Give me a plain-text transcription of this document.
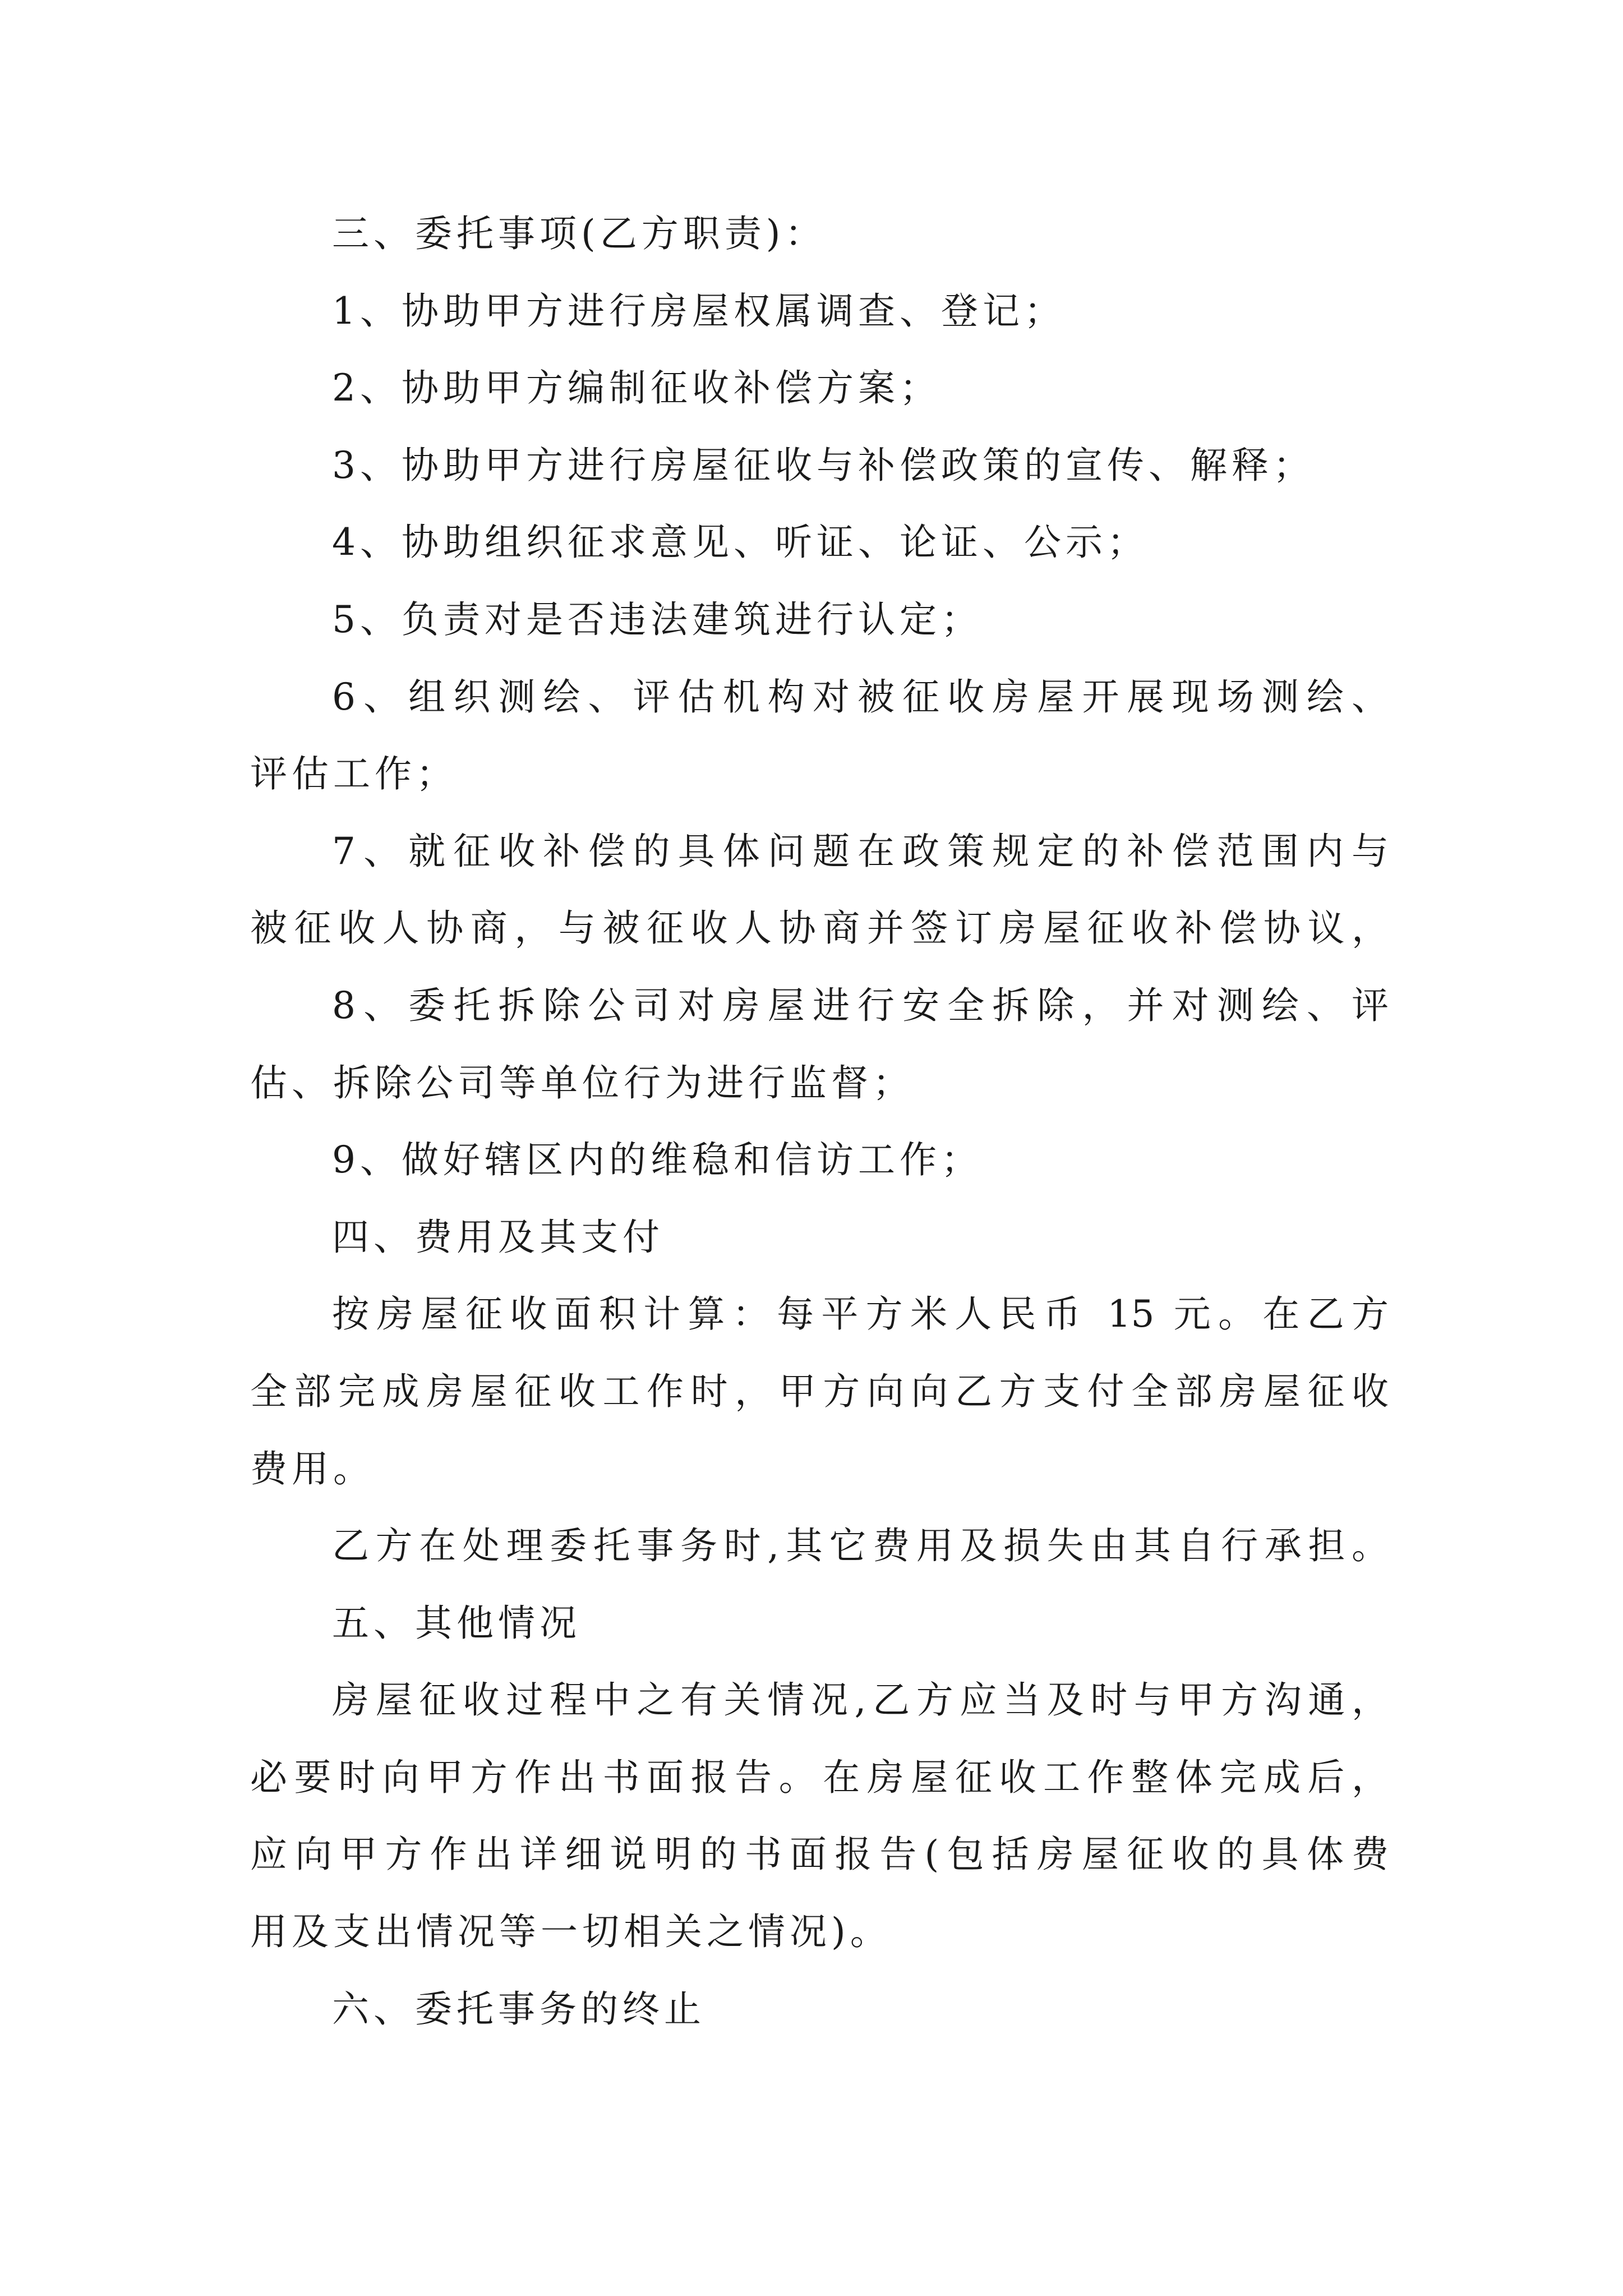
三、委托事项(乙方职责)：
1、协助甲方进行房屋权属调查、登记；
2、协助甲方编制征收补偿方案；
3、协助甲方进行房屋征收与补偿政策的宣传、解释；
4、协助组织征求意见、听证、论证、公示；
5、负责对是否违法建筑进行认定；
6、组织测绘、评估机构对被征收房屋开展现场测绘、
评估工作；
7、就征收补偿的具体问题在政策规定的补偿范围内与
被征收人协商，与被征收人协商并签订房屋征收补偿协议，
8、委托拆除公司对房屋进行安全拆除，并对测绘、评
估、拆除公司等单位行为进行监督；
9、做好辖区内的维稳和信访工作；
四、费用及其支付
按房屋征收面积计算：每平方米人民币 15 元。在乙方
全部完成房屋征收工作时，甲方向向乙方支付全部房屋征收
费用。
乙方在处理委托事务时,其它费用及损失由其自行承担。
五、其他情况
房屋征收过程中之有关情况,乙方应当及时与甲方沟通，
必要时向甲方作出书面报告。在房屋征收工作整体完成后，
应向甲方作出详细说明的书面报告(包括房屋征收的具体费
用及支出情况等一切相关之情况)。
六、委托事务的终止
